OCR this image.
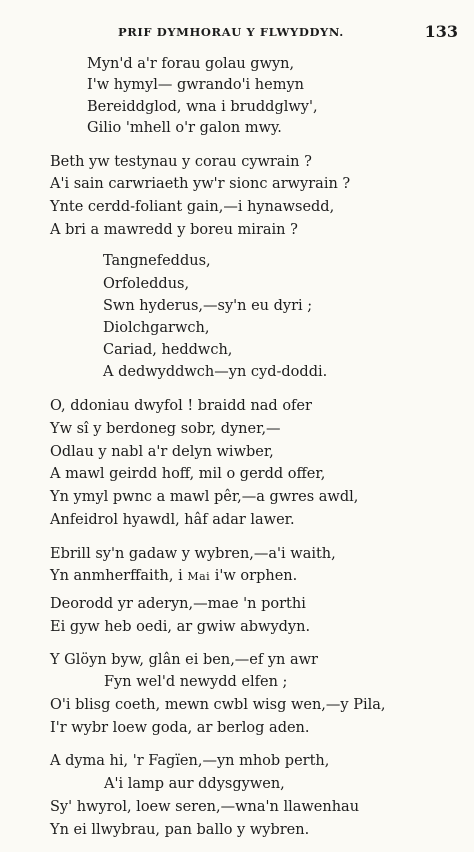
PRIF DYMHORAU Y FLWYDDYN.	133
Myn'd a'r forau golau gwyn,
I'w hymyl— gwrando'i hemyn
Bereiddglod, wna i bruddglwy',
Gilio 'mhell o'r galon mwy.
Beth yw testynau y corau cywrain ?
A'i sain carwriaeth yw'r sionc arwyrain ?
Ynte cerdd-foliant gain,—i hynawsedd,
A bri a mawredd y boreu mirain ?
Tangnefeddus,
Orfoleddus,
Swn hyderus,—sy'n eu dyri ;
Diolchgarwch,
Cariad, heddwch,
A dedwyddwch—yn cyd-doddi.
O, ddoniau dwyfol ! braidd nad ofer
Yw sî y berdoneg sobr, dyner,—
Odlau y nabl a'r delyn wiwber,
A mawl geirdd hoff, mil o gerdd offer,
Yn ymyl pwnc a mawl pêr,—a gwres awdl,
Anfeidrol hyawdl, hâf adar lawer.
Ebrill sy'n gadaw y wybren,—a'i waith,
Yn anmherffaith, i Mai i'w orphen.
Deorodd yr aderyn,—mae 'n porthi
Ei gyw heb oedi, ar gwiw abwydyn.
Y Glöyn byw, glân ei ben,—ef yn awr
Fyn wel'd newydd elfen ;
O'i blisg coeth, mewn cwbl wisg wen,—y Pila,
I'r wybr loew goda, ar berlog aden.
A dyma hi, 'r Fagïen,—yn mhob perth,
A'i lamp aur ddysgywen,
Sy' hwyrol, loew seren,—wna'n llawenhau
Yn ei llwybrau, pan ballo y wybren.
